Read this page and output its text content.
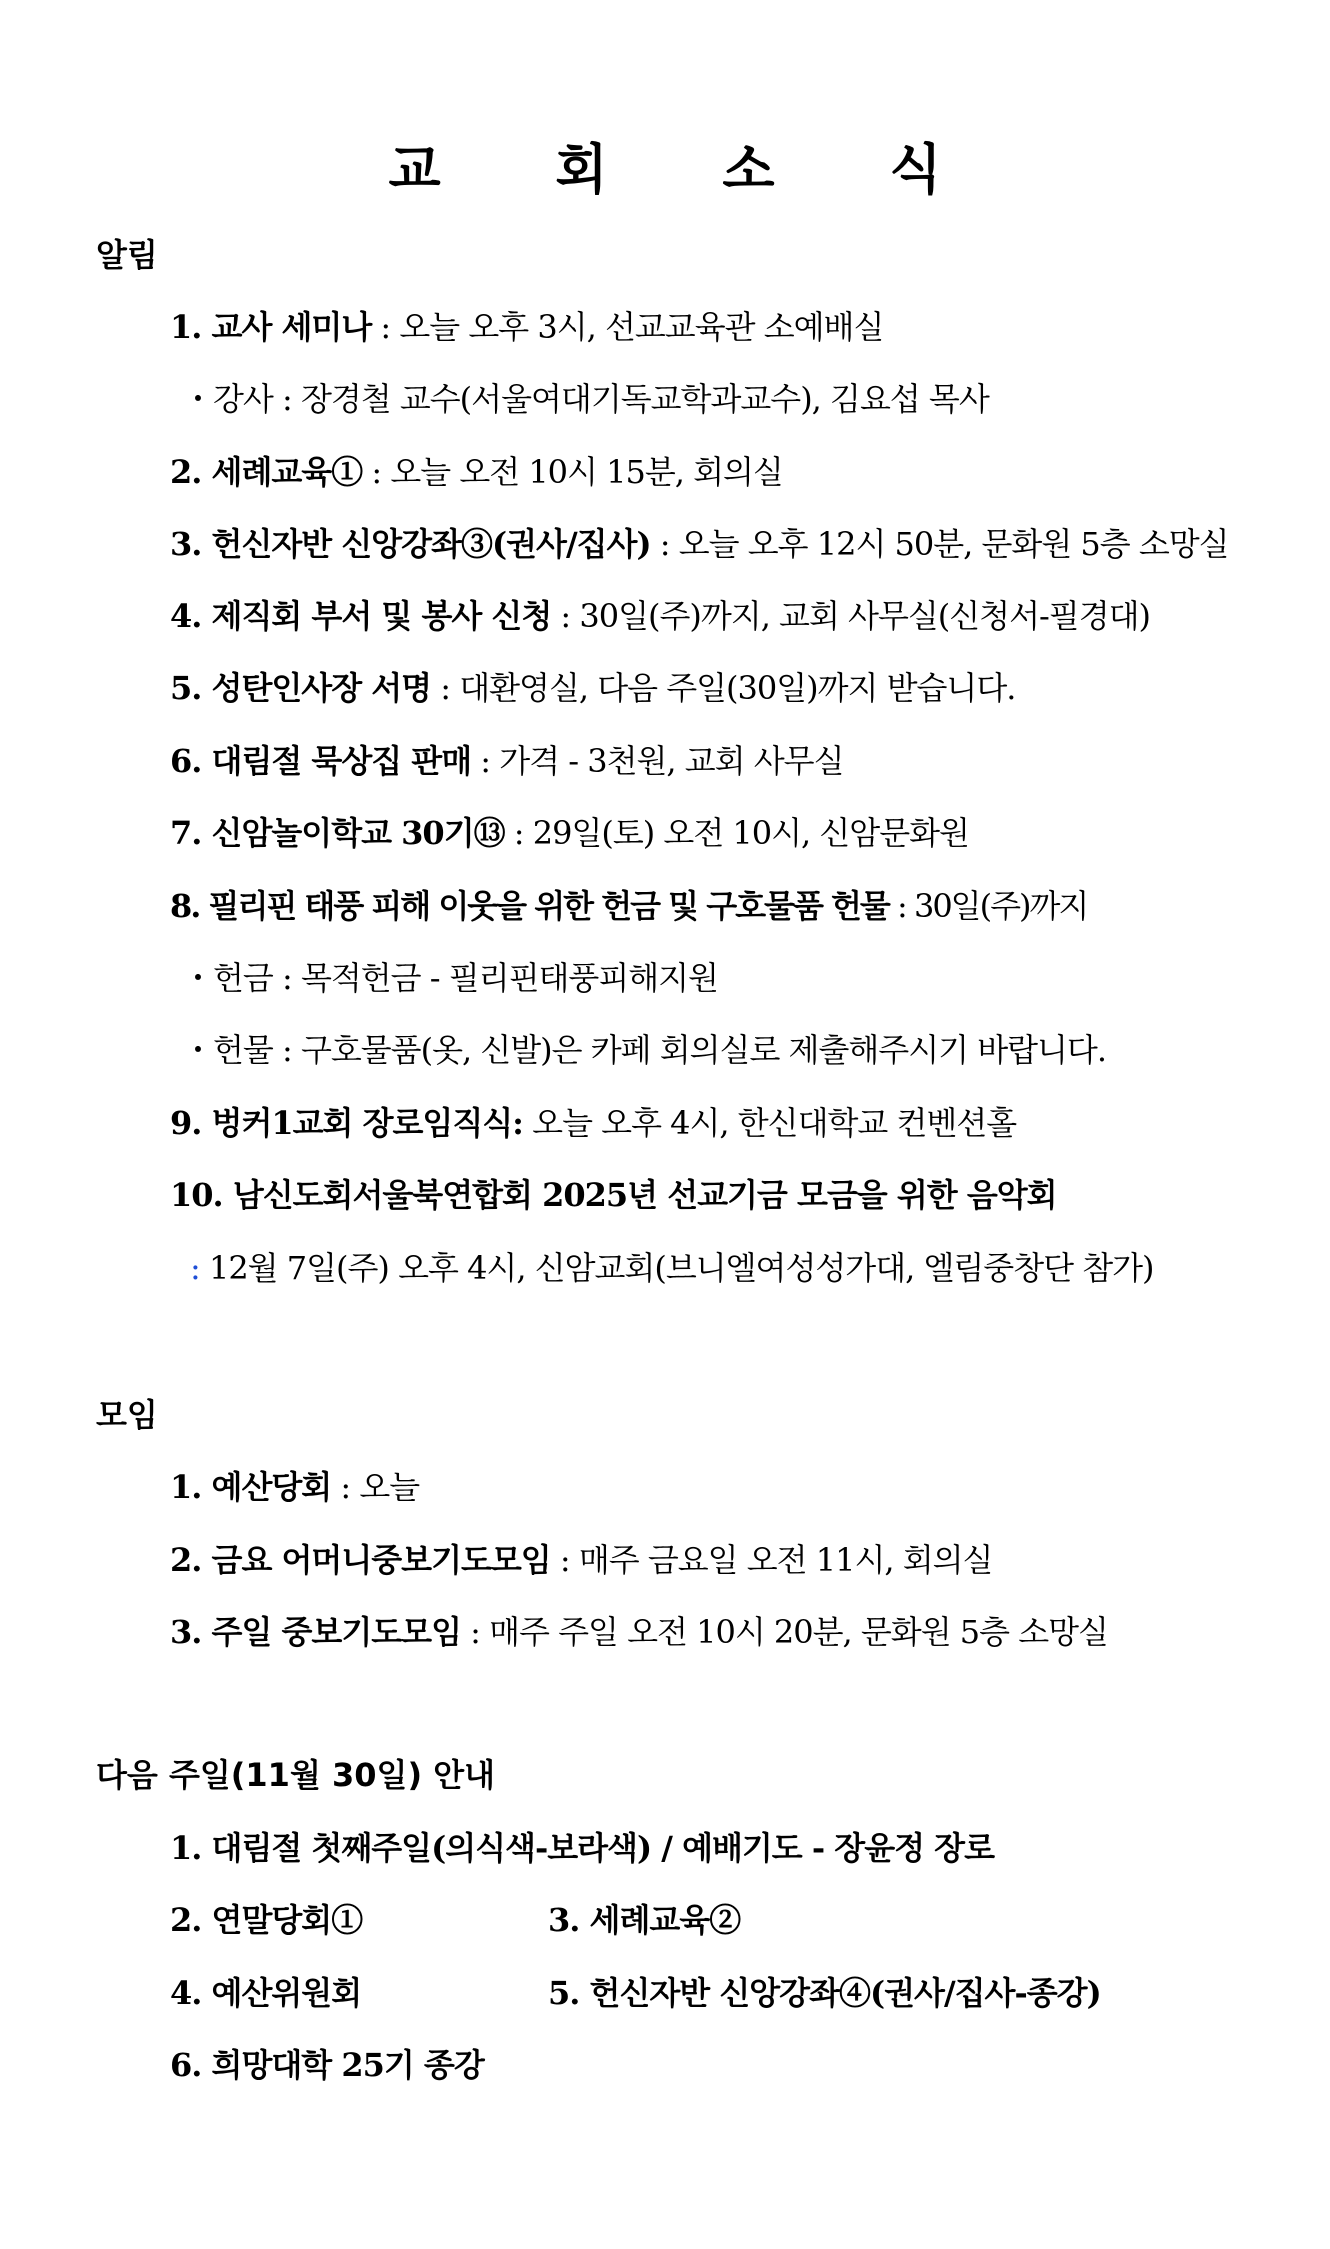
교 회 소 식
알림
1. 교사 세미나 : 오늘 오후 3시, 선교교육관 소예배실
・강사 : 장경철 교수(서울여대기독교학과교수), 김요섭 목사
2. 세례교육① : 오늘 오전 10시 15분, 회의실
3. 헌신자반 신앙강좌③(권사/집사) : 오늘 오후 12시 50분, 문화원 5층 소망실
4. 제직회 부서 및 봉사 신청 : 30일(주)까지, 교회 사무실(신청서-필경대)
5. 성탄인사장 서명 : 대환영실, 다음 주일(30일)까지 받습니다.
6. 대림절 묵상집 판매 : 가격 - 3천원, 교회 사무실
7. 신암놀이학교 30기⑬ : 29일(토) 오전 10시, 신암문화원
8. 필리핀 태풍 피해 이웃을 위한 헌금 및 구호물품 헌물 : 30일(주)까지
・헌금 : 목적헌금 - 필리핀태풍피해지원
・헌물 : 구호물품(옷, 신발)은 카페 회의실로 제출해주시기 바랍니다.
9. 벙커1교회 장로임직식: 오늘 오후 4시, 한신대학교 컨벤션홀
10. 남신도회서울북연합회 2025년 선교기금 모금을 위한 음악회
: 12월 7일(주) 오후 4시, 신암교회(브니엘여성성가대, 엘림중창단 참가)
모임
1. 예산당회 : 오늘
2. 금요 어머니중보기도모임 : 매주 금요일 오전 11시, 회의실
3. 주일 중보기도모임 : 매주 주일 오전 10시 20분, 문화원 5층 소망실
다음 주일(11월 30일) 안내
1. 대림절 첫째주일(의식색-보라색) / 예배기도 - 장윤정 장로
2. 연말당회①	3. 세례교육②
4. 예산위원회	5. 헌신자반 신앙강좌④(권사/집사-종강)
6. 희망대학 25기 종강
